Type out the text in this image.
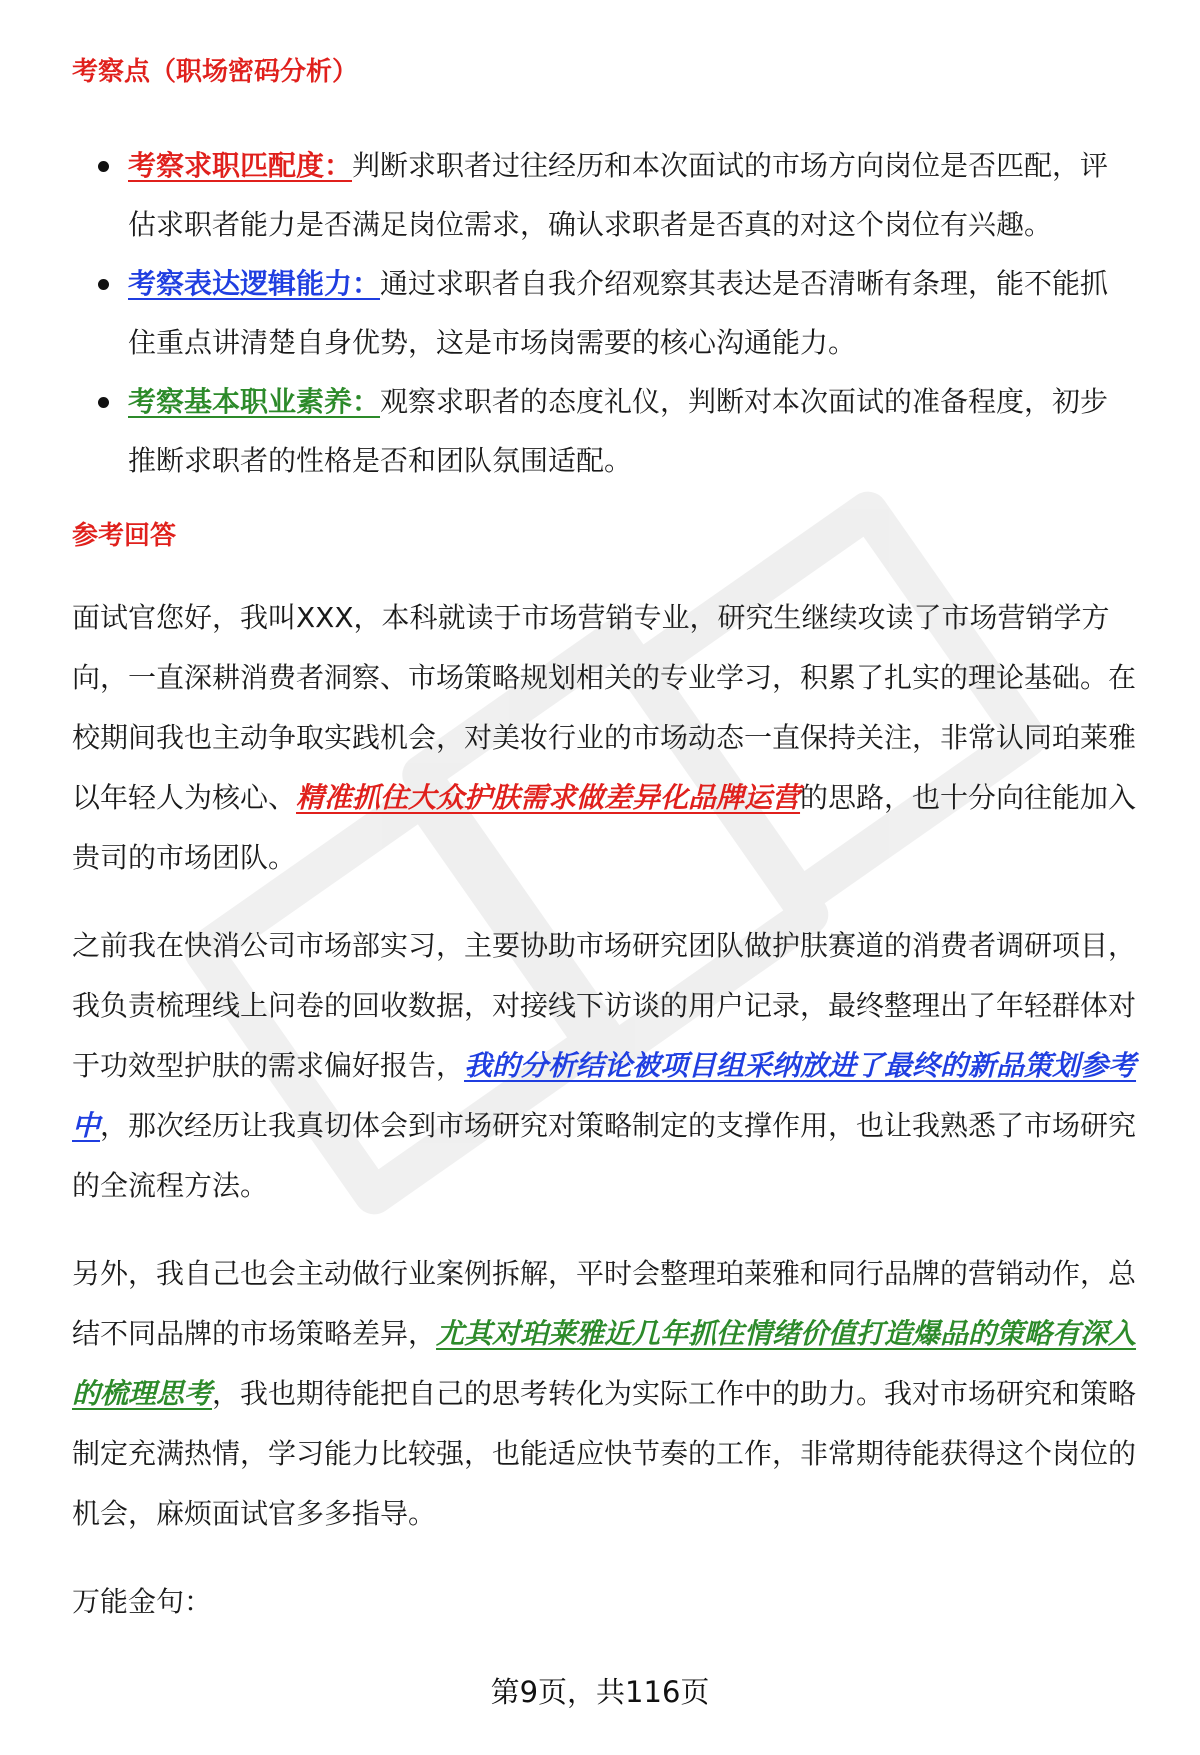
考察点（职场密码分析）
考察求职匹配度：判断求职者过往经历和本次面试的市场方向岗位是否匹配，评估求职者能力是否满足岗位需求，确认求职者是否真的对这个岗位有兴趣。
考察表达逻辑能力：通过求职者自我介绍观察其表达是否清晰有条理，能不能抓住重点讲清楚自身优势，这是市场岗需要的核心沟通能力。
考察基本职业素养：观察求职者的态度礼仪，判断对本次面试的准备程度，初步推断求职者的性格是否和团队氛围适配。
参考回答

面试官您好，我叫XXX，本科就读于市场营销专业，研究生继续攻读了市场营销学方向，一直深耕消费者洞察、市场策略规划相关的专业学习，积累了扎实的理论基础。在校期间我也主动争取实践机会，对美妆行业的市场动态一直保持关注，非常认同珀莱雅以年轻人为核心、精准抓住大众护肤需求做差异化品牌运营的思路，也十分向往能加入贵司的市场团队。

之前我在快消公司市场部实习，主要协助市场研究团队做护肤赛道的消费者调研项目，我负责梳理线上问卷的回收数据，对接线下访谈的用户记录，最终整理出了年轻群体对于功效型护肤的需求偏好报告，我的分析结论被项目组采纳放进了最终的新品策划参考中，那次经历让我真切体会到市场研究对策略制定的支撑作用，也让我熟悉了市场研究的全流程方法。

另外，我自己也会主动做行业案例拆解，平时会整理珀莱雅和同行品牌的营销动作，总结不同品牌的市场策略差异，尤其对珀莱雅近几年抓住情绪价值打造爆品的策略有深入的梳理思考，我也期待能把自己的思考转化为实际工作中的助力。我对市场研究和策略制定充满热情，学习能力比较强，也能适应快节奏的工作，非常期待能获得这个岗位的机会，麻烦面试官多多指导。

万能金句：

第9页，共116页
